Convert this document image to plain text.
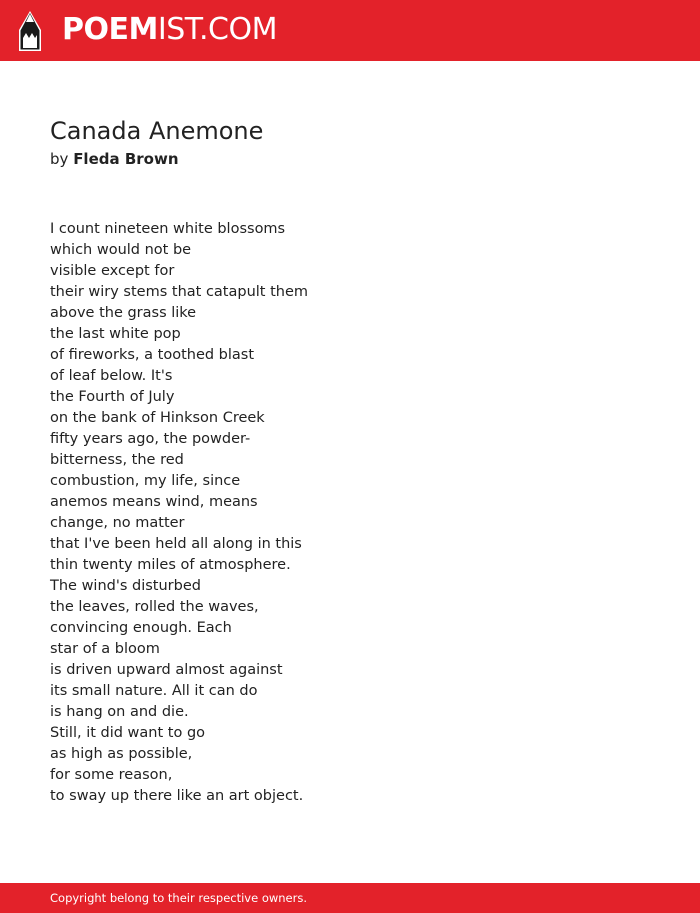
POEMIST.COM
Canada Anemone
by Fleda Brown
I count nineteen white blossoms
which would not be
visible except for
their wiry stems that catapult them
above the grass like
the last white pop
of fireworks, a toothed blast
of leaf below. It's
the Fourth of July
on the bank of Hinkson Creek
fifty years ago, the powder-
bitterness, the red
combustion, my life, since
anemos means wind, means
change, no matter
that I've been held all along in this
thin twenty miles of atmosphere.
The wind's disturbed
the leaves, rolled the waves,
convincing enough. Each
star of a bloom
is driven upward almost against
its small nature. All it can do
is hang on and die.
Still, it did want to go
as high as possible,
for some reason,
to sway up there like an art object.
Copyright belong to their respective owners.
